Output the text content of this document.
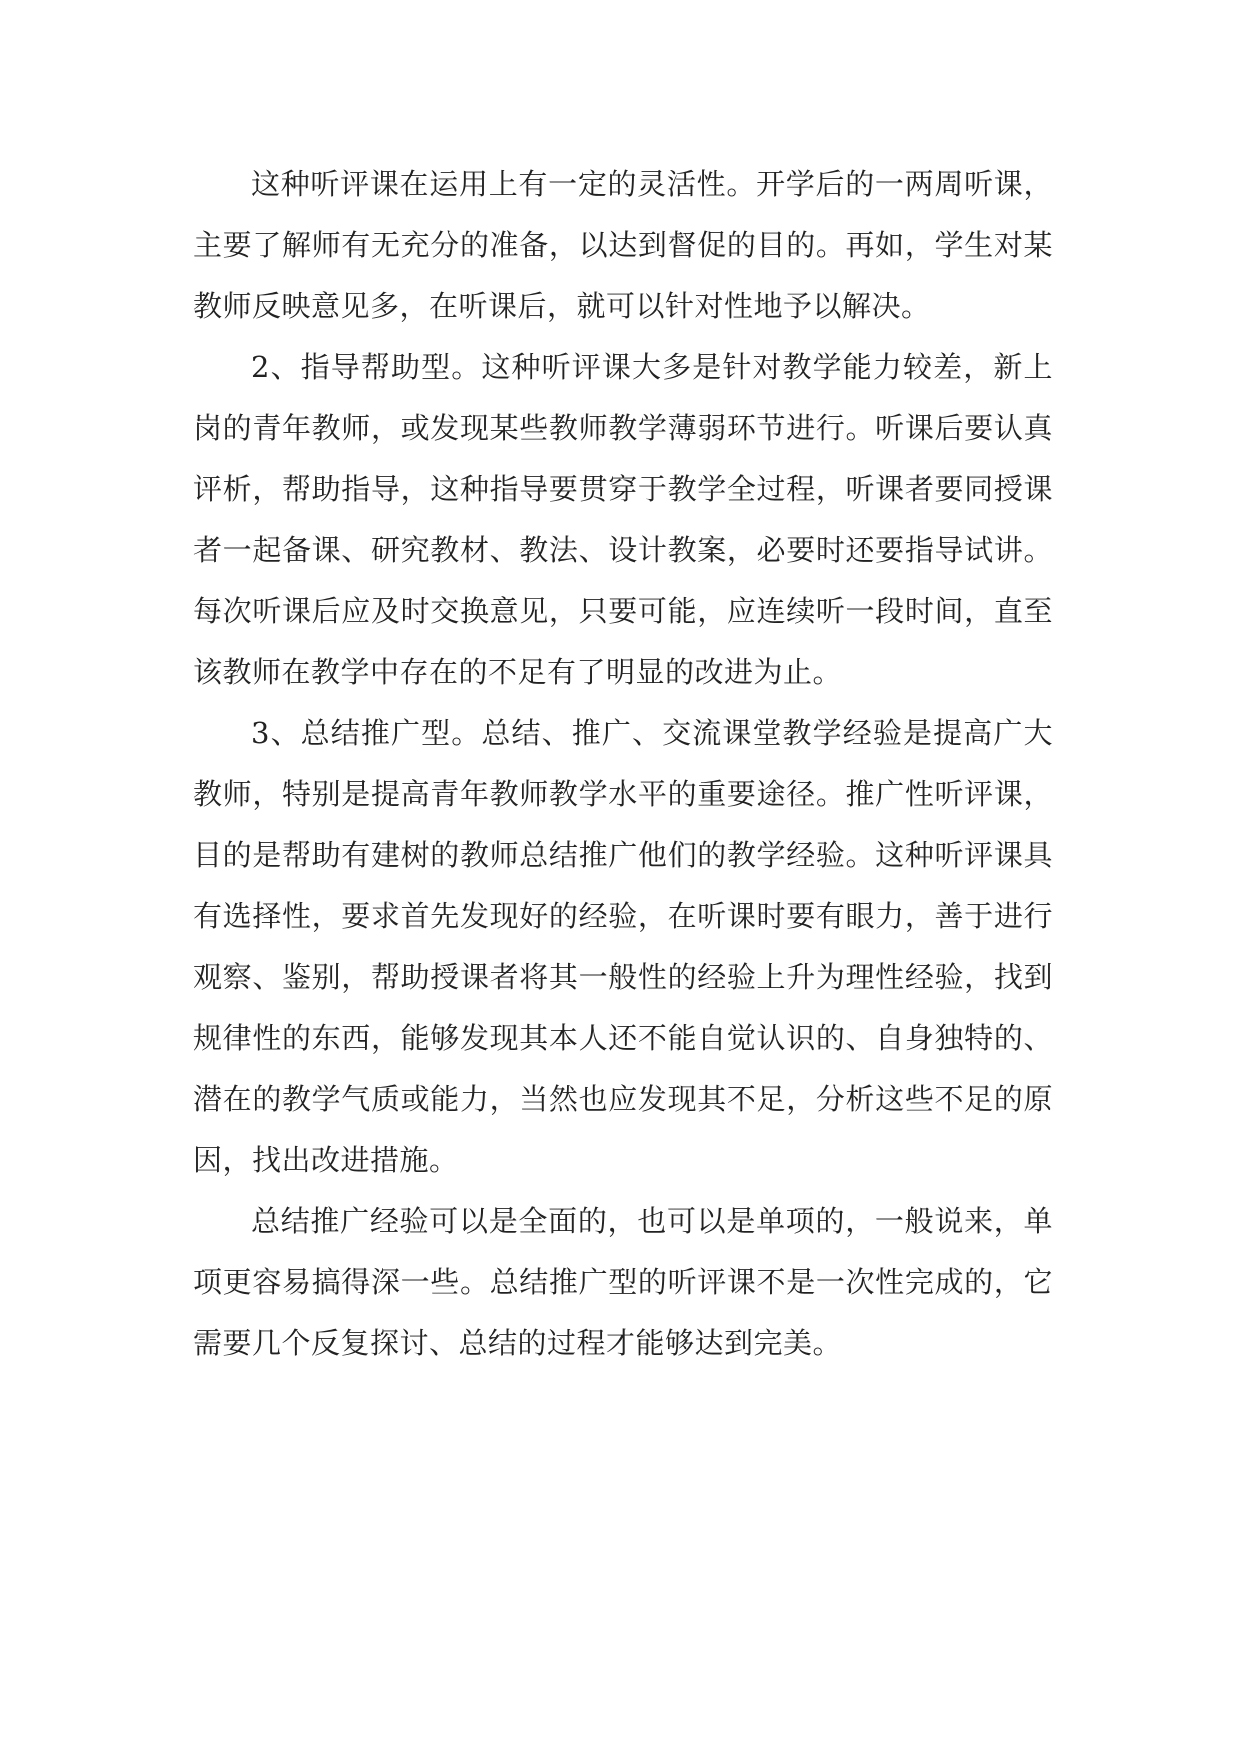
这种听评课在运用上有一定的灵活性。开学后的一两周听课，主要了解师有无充分的准备，以达到督促的目的。再如，学生对某教师反映意见多，在听课后，就可以针对性地予以解决。

2、指导帮助型。这种听评课大多是针对教学能力较差，新上岗的青年教师，或发现某些教师教学薄弱环节进行。听课后要认真评析，帮助指导，这种指导要贯穿于教学全过程，听课者要同授课者一起备课、研究教材、教法、设计教案，必要时还要指导试讲。每次听课后应及时交换意见，只要可能，应连续听一段时间，直至该教师在教学中存在的不足有了明显的改进为止。

3、总结推广型。总结、推广、交流课堂教学经验是提高广大教师，特别是提高青年教师教学水平的重要途径。推广性听评课，目的是帮助有建树的教师总结推广他们的教学经验。这种听评课具有选择性，要求首先发现好的经验，在听课时要有眼力，善于进行观察、鉴别，帮助授课者将其一般性的经验上升为理性经验，找到规律性的东西，能够发现其本人还不能自觉认识的、自身独特的、潜在的教学气质或能力，当然也应发现其不足，分析这些不足的原因，找出改进措施。

总结推广经验可以是全面的，也可以是单项的，一般说来，单项更容易搞得深一些。总结推广型的听评课不是一次性完成的，它需要几个反复探讨、总结的过程才能够达到完美。
